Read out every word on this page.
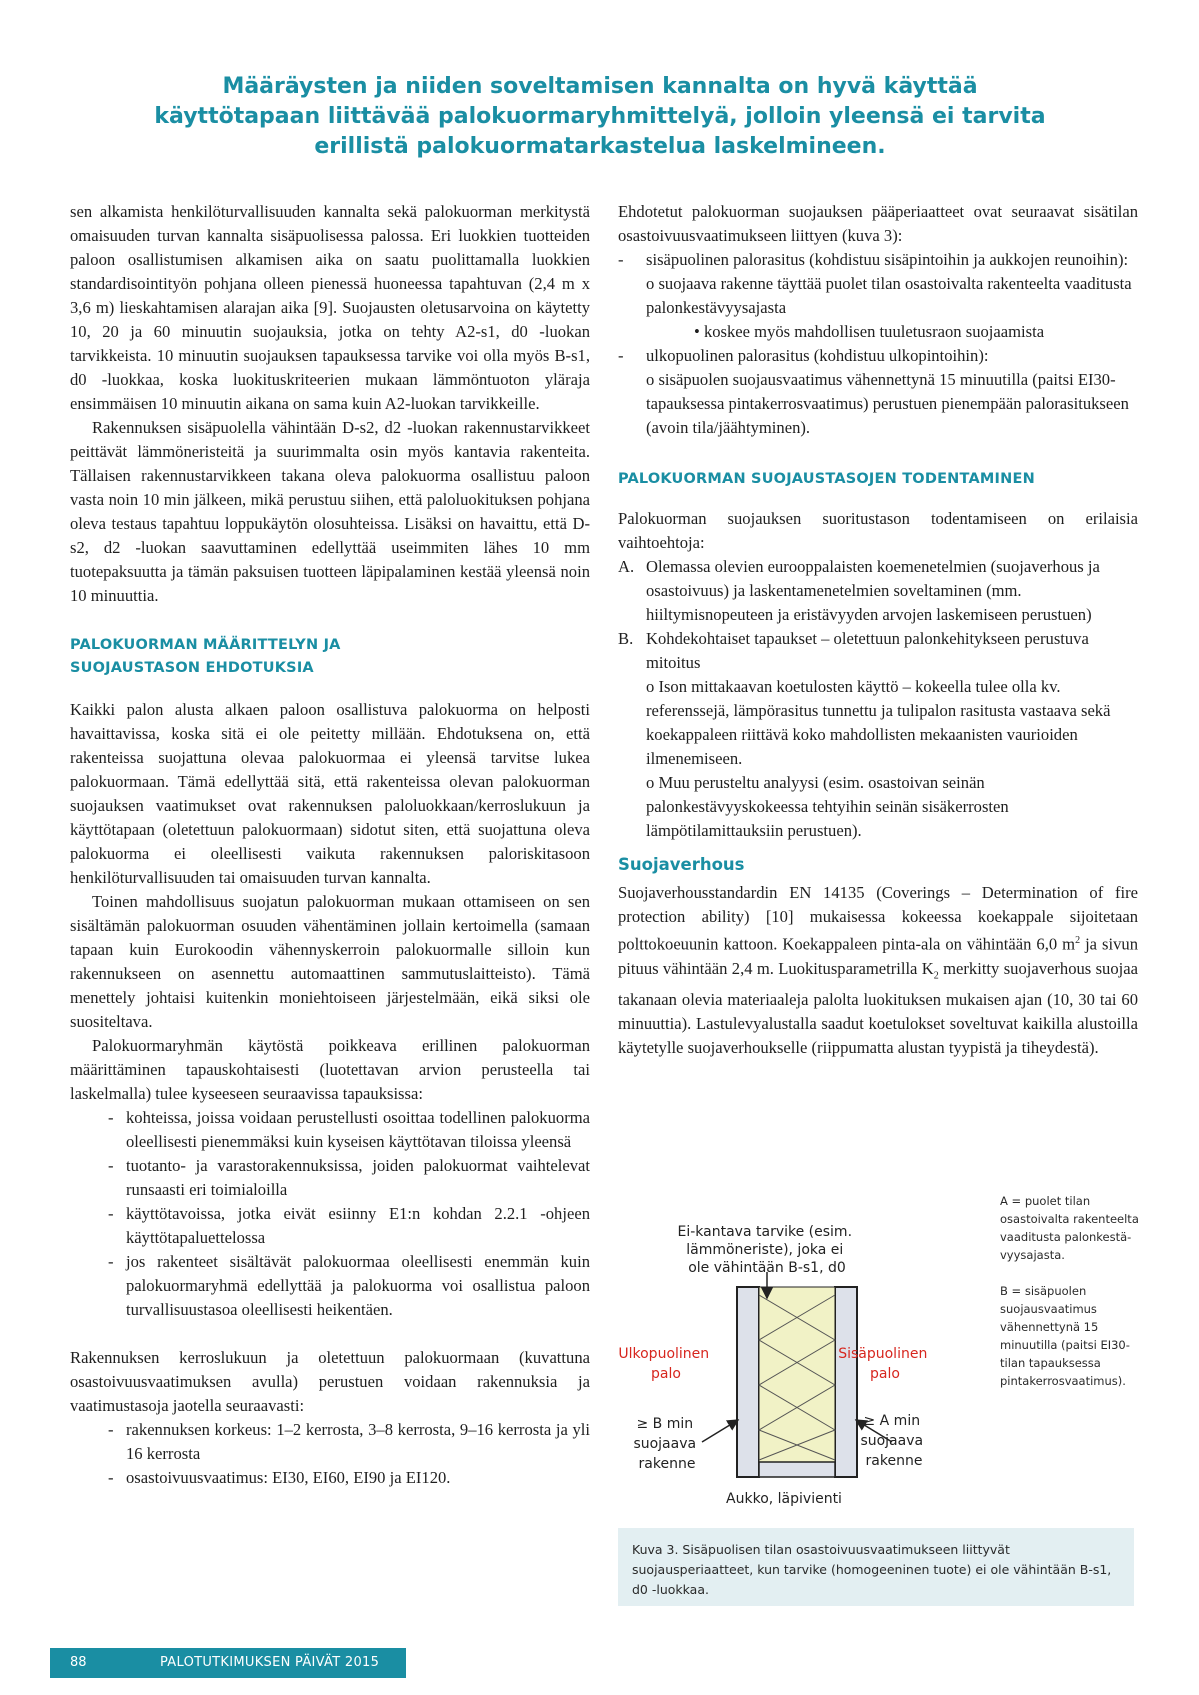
Määräysten ja niiden soveltamisen kannalta on hyvä käyttää käyttötapaan liittävää palokuormaryhmittelyä, jolloin yleensä ei tarvita erillistä palokuormatarkastelua laskelmineen.

sen alkamista henkilöturvallisuuden kannalta sekä palokuorman merkitystä omaisuuden turvan kannalta sisäpuolisessa palossa. Eri luokkien tuotteiden paloon osallistumisen alkamisen aika on saatu puolittamalla luokkien standardisointityön pohjana olleen pienessä huoneessa tapahtuvan (2,4 m x 3,6 m) lieskahtamisen alarajan aika [9]. Suojausten oletusarvoina on käytetty 10, 20 ja 60 minuutin suojauksia, jotka on tehty A2-s1, d0 -luokan tarvikkeista. 10 minuutin suojauksen tapauksessa tarvike voi olla myös B-s1, d0 -luokkaa, koska luokituskriteerien mukaan lämmöntuoton yläraja ensimmäisen 10 minuutin aikana on sama kuin A2-luokan tarvikkeille.

Rakennuksen sisäpuolella vähintään D-s2, d2 -luokan rakennustarvikkeet peittävät lämmöneristeitä ja suurimmalta osin myös kantavia rakenteita. Tällaisen rakennustarvikkeen takana oleva palokuorma osallistuu paloon vasta noin 10 min jälkeen, mikä perustuu siihen, että paloluokituksen pohjana oleva testaus tapahtuu loppukäytön olosuhteissa. Lisäksi on havaittu, että D-s2, d2 -luokan saavuttaminen edellyttää useimmiten lähes 10 mm tuotepaksuutta ja tämän paksuisen tuotteen läpipalaminen kestää yleensä noin 10 minuuttia.

PALOKUORMAN MÄÄRITTELYN JA SUOJAUSTASON EHDOTUKSIA

Kaikki palon alusta alkaen paloon osallistuva palokuorma on helposti havaittavissa, koska sitä ei ole peitetty millään. Ehdotuksena on, että rakenteissa suojattuna olevaa palokuormaa ei yleensä tarvitse lukea palokuormaan. Tämä edellyttää sitä, että rakenteissa olevan palokuorman suojauksen vaatimukset ovat rakennuksen paloluokkaan/kerroslukuun ja käyttötapaan (oletettuun palokuormaan) sidotut siten, että suojattuna oleva palokuorma ei oleellisesti vaikuta rakennuksen paloriskitasoon henkilöturvallisuuden tai omaisuuden turvan kannalta.

Toinen mahdollisuus suojatun palokuorman mukaan ottamiseen on sen sisältämän palokuorman osuuden vähentäminen jollain kertoimella (samaan tapaan kuin Eurokoodin vähennyskerroin palokuormalle silloin kun rakennukseen on asennettu automaattinen sammutuslaitteisto). Tämä menettely johtaisi kuitenkin moniehtoiseen järjestelmään, eikä siksi ole suositeltava.

Palokuormaryhmän käytöstä poikkeava erillinen palokuorman määrittäminen tapauskohtaisesti (luotettavan arvion perusteella tai laskelmalla) tulee kyseeseen seuraavissa tapauksissa:

- kohteissa, joissa voidaan perustellusti osoittaa todellinen palokuorma oleellisesti pienemmäksi kuin kyseisen käyttötavan tiloissa yleensä
- tuotanto- ja varastorakennuksissa, joiden palokuormat vaihtelevat runsaasti eri toimialoilla
- käyttötavoissa, jotka eivät esiinny E1:n kohdan 2.2.1 -ohjeen käyttötapaluettelossa
- jos rakenteet sisältävät palokuormaa oleellisesti enemmän kuin palokuormaryhmä edellyttää ja palokuorma voi osallistua paloon turvallisuustasoa oleellisesti heikentäen.

Rakennuksen kerroslukuun ja oletettuun palokuormaan (kuvattuna osastoivuusvaatimuksen avulla) perustuen voidaan rakennuksia ja vaatimustasoja jaotella seuraavasti:

- rakennuksen korkeus: 1–2 kerrosta, 3–8 kerrosta, 9–16 kerrosta ja yli 16 kerrosta
- osastoivuusvaatimus: EI30, EI60, EI90 ja EI120.

Ehdotetut palokuorman suojauksen pääperiaatteet ovat seuraavat sisätilan osastoivuusvaatimukseen liittyen (kuva 3):

- sisäpuolinen palorasitus (kohdistuu sisäpintoihin ja aukkojen reunoihin):
o suojaava rakenne täyttää puolet tilan osastoivalta rakenteelta vaaditusta palonkestävyysajasta
• koskee myös mahdollisen tuuletusraon suojaamista
- ulkopuolinen palorasitus (kohdistuu ulkopintoihin):
o sisäpuolen suojausvaatimus vähennettynä 15 minuutilla (paitsi EI30-tapauksessa pintakerrosvaatimus) perustuen pienempään palorasitukseen (avoin tila/jäähtyminen).
PALOKUORMAN SUOJAUSTASOJEN TODENTAMINEN

Palokuorman suojauksen suoritustason todentamiseen on erilaisia vaihtoehtoja:

A. Olemassa olevien eurooppalaisten koemenetelmien (suojaverhous ja osastoivuus) ja laskentamenetelmien soveltaminen (mm. hiiltymisnopeuteen ja eristävyyden arvojen laskemiseen perustuen)
B. Kohdekohtaiset tapaukset – oletettuun palonkehitykseen perustuva mitoitus
o Ison mittakaavan koetulosten käyttö – kokeella tulee olla kv. referenssejä, lämpörasitus tunnettu ja tulipalon rasitusta vastaava sekä koekappaleen riittävä koko mahdollisten mekaanisten vaurioiden ilmenemiseen.
o Muu perusteltu analyysi (esim. osastoivan seinän palonkestävyyskokeessa tehtyihin seinän sisäkerrosten lämpötilamittauksiin perustuen).
Suojaverhous

Suojaverhousstandardin EN 14135 (Coverings – Determination of fire protection ability) [10] mukaisessa kokeessa koekappale sijoitetaan polttokoeuunin kattoon. Koekappaleen pinta-ala on vähintään 6,0 $m^2$ ja sivun pituus vähintään 2,4 m. Luokitusparametrilla $K_2$ merkitty suojaverhous suojaa takanaan olevia materiaaleja palolta luokituksen mukaisen ajan (10, 30 tai 60 minuuttia). Lastulevyalustalla saadut koetulokset soveltuvat kaikilla alustoilla käytetylle suojaverhoukselle (riippumatta alustan tyypistä ja tiheydestä).

Ei-kantava tarvike (esim. lämmöneriste), joka ei ole vähintään B-s1, d0
Ulkopuolinen palo
Sisäpuolinen palo
≥ B min suojaava rakenne
≥ A min suojaava rakenne
Aukko, läpivienti

A = puolet tilan osastoivalta rakenteelta vaaditusta palonkestävyysajasta.

B = sisäpuolen suojausvaatimus vähennettynä 15 minuutilla (paitsi EI30-tilan tapauksessa pintakerrosvaatimus).

Kuva 3. Sisäpuolisen tilan osastoivuusvaatimukseen liittyvät suojausperiaatteet, kun tarvike (homogeeninen tuote) ei ole vähintään B-s1, d0 -luokkaa.
88	PALOTUTKIMUKSEN PÄIVÄT 2015
